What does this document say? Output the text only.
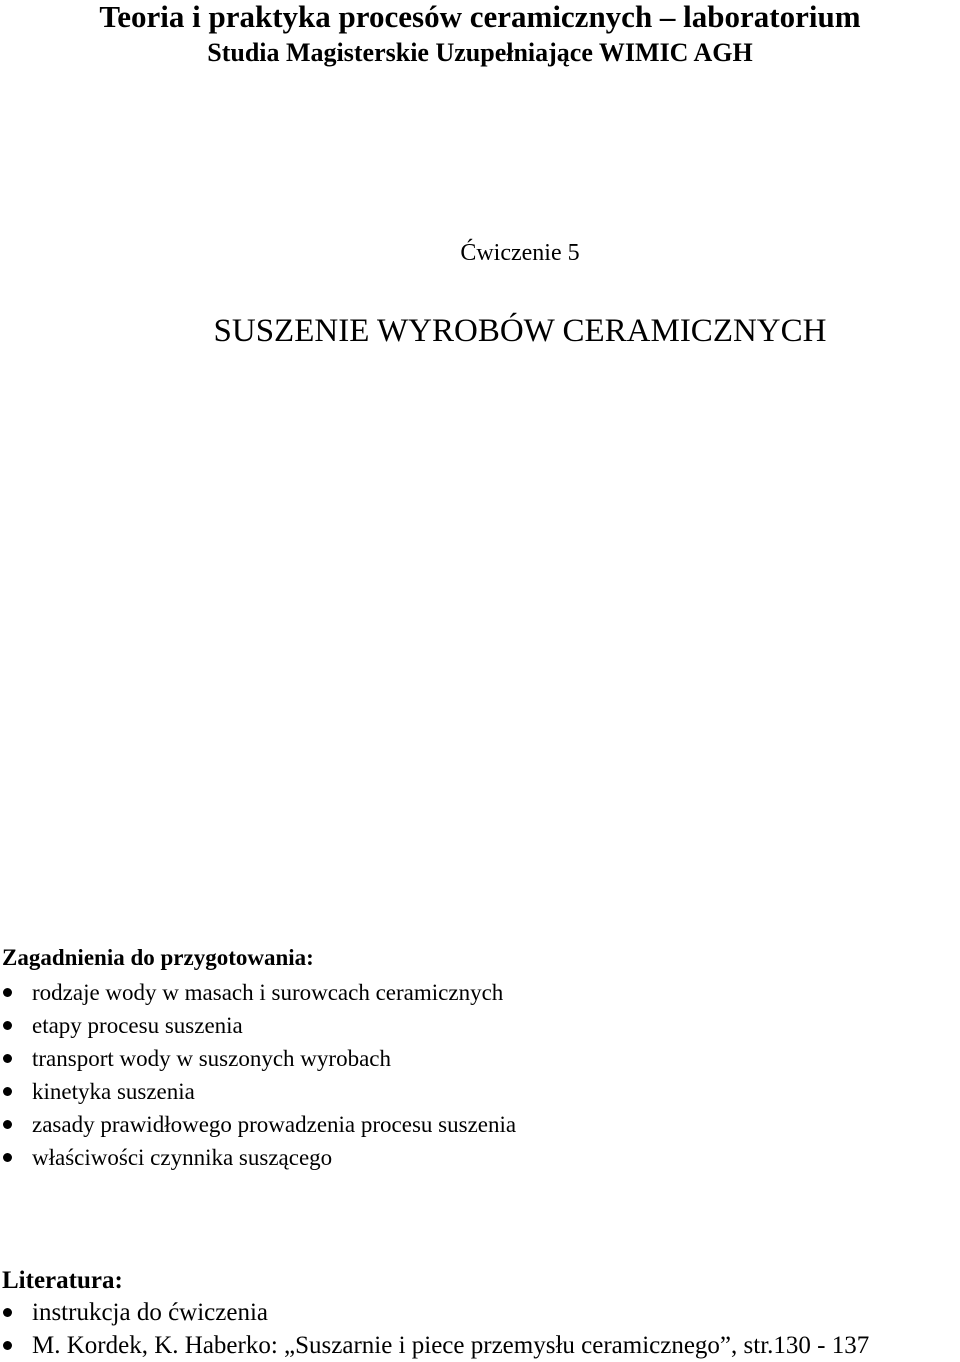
Teoria i praktyka procesów ceramicznych – laboratorium
Studia Magisterskie Uzupełniające WIMIC AGH

Ćwiczenie 5

SUSZENIE WYROBÓW CERAMICZNYCH

Zagadnienia do przygotowania:
rodzaje wody w masach i surowcach ceramicznych
etapy procesu suszenia
transport wody w suszonych wyrobach
kinetyka suszenia
zasady prawidłowego prowadzenia procesu suszenia
właściwości czynnika suszącego
Literatura:
instrukcja do ćwiczenia
M. Kordek, K. Haberko: „Suszarnie i piece przemysłu ceramicznego”, str.130 - 137
